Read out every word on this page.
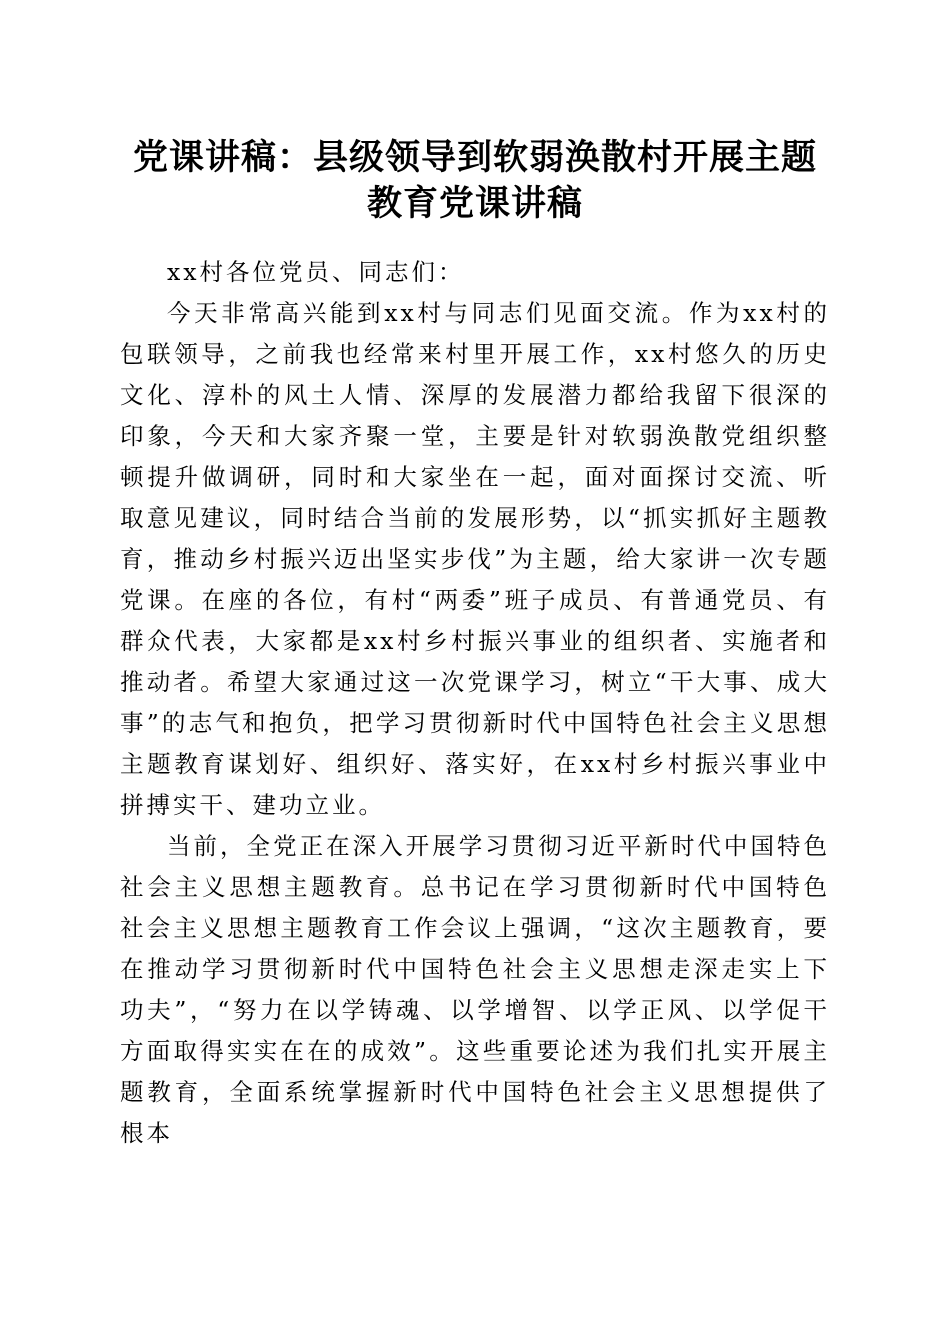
党课讲稿：县级领导到软弱涣散村开展主题教育党课讲稿

xx村各位党员、同志们：

今天非常高兴能到xx村与同志们见面交流。作为xx村的包联领导，之前我也经常来村里开展工作，xx村悠久的历史文化、淳朴的风土人情、深厚的发展潜力都给我留下很深的印象，今天和大家齐聚一堂，主要是针对软弱涣散党组织整顿提升做调研，同时和大家坐在一起，面对面探讨交流、听取意见建议，同时结合当前的发展形势，以“抓实抓好主题教育，推动乡村振兴迈出坚实步伐”为主题，给大家讲一次专题党课。在座的各位，有村“两委”班子成员、有普通党员、有群众代表，大家都是xx村乡村振兴事业的组织者、实施者和推动者。希望大家通过这一次党课学习，树立“干大事、成大事”的志气和抱负，把学习贯彻新时代中国特色社会主义思想主题教育谋划好、组织好、落实好，在xx村乡村振兴事业中拼搏实干、建功立业。

当前，全党正在深入开展学习贯彻习近平新时代中国特色社会主义思想主题教育。总书记在学习贯彻新时代中国特色社会主义思想主题教育工作会议上强调，“这次主题教育，要在推动学习贯彻新时代中国特色社会主义思想走深走实上下功夫”，“努力在以学铸魂、以学增智、以学正风、以学促干方面取得实实在在的成效”。这些重要论述为我们扎实开展主题教育，全面系统掌握新时代中国特色社会主义思想提供了根本
